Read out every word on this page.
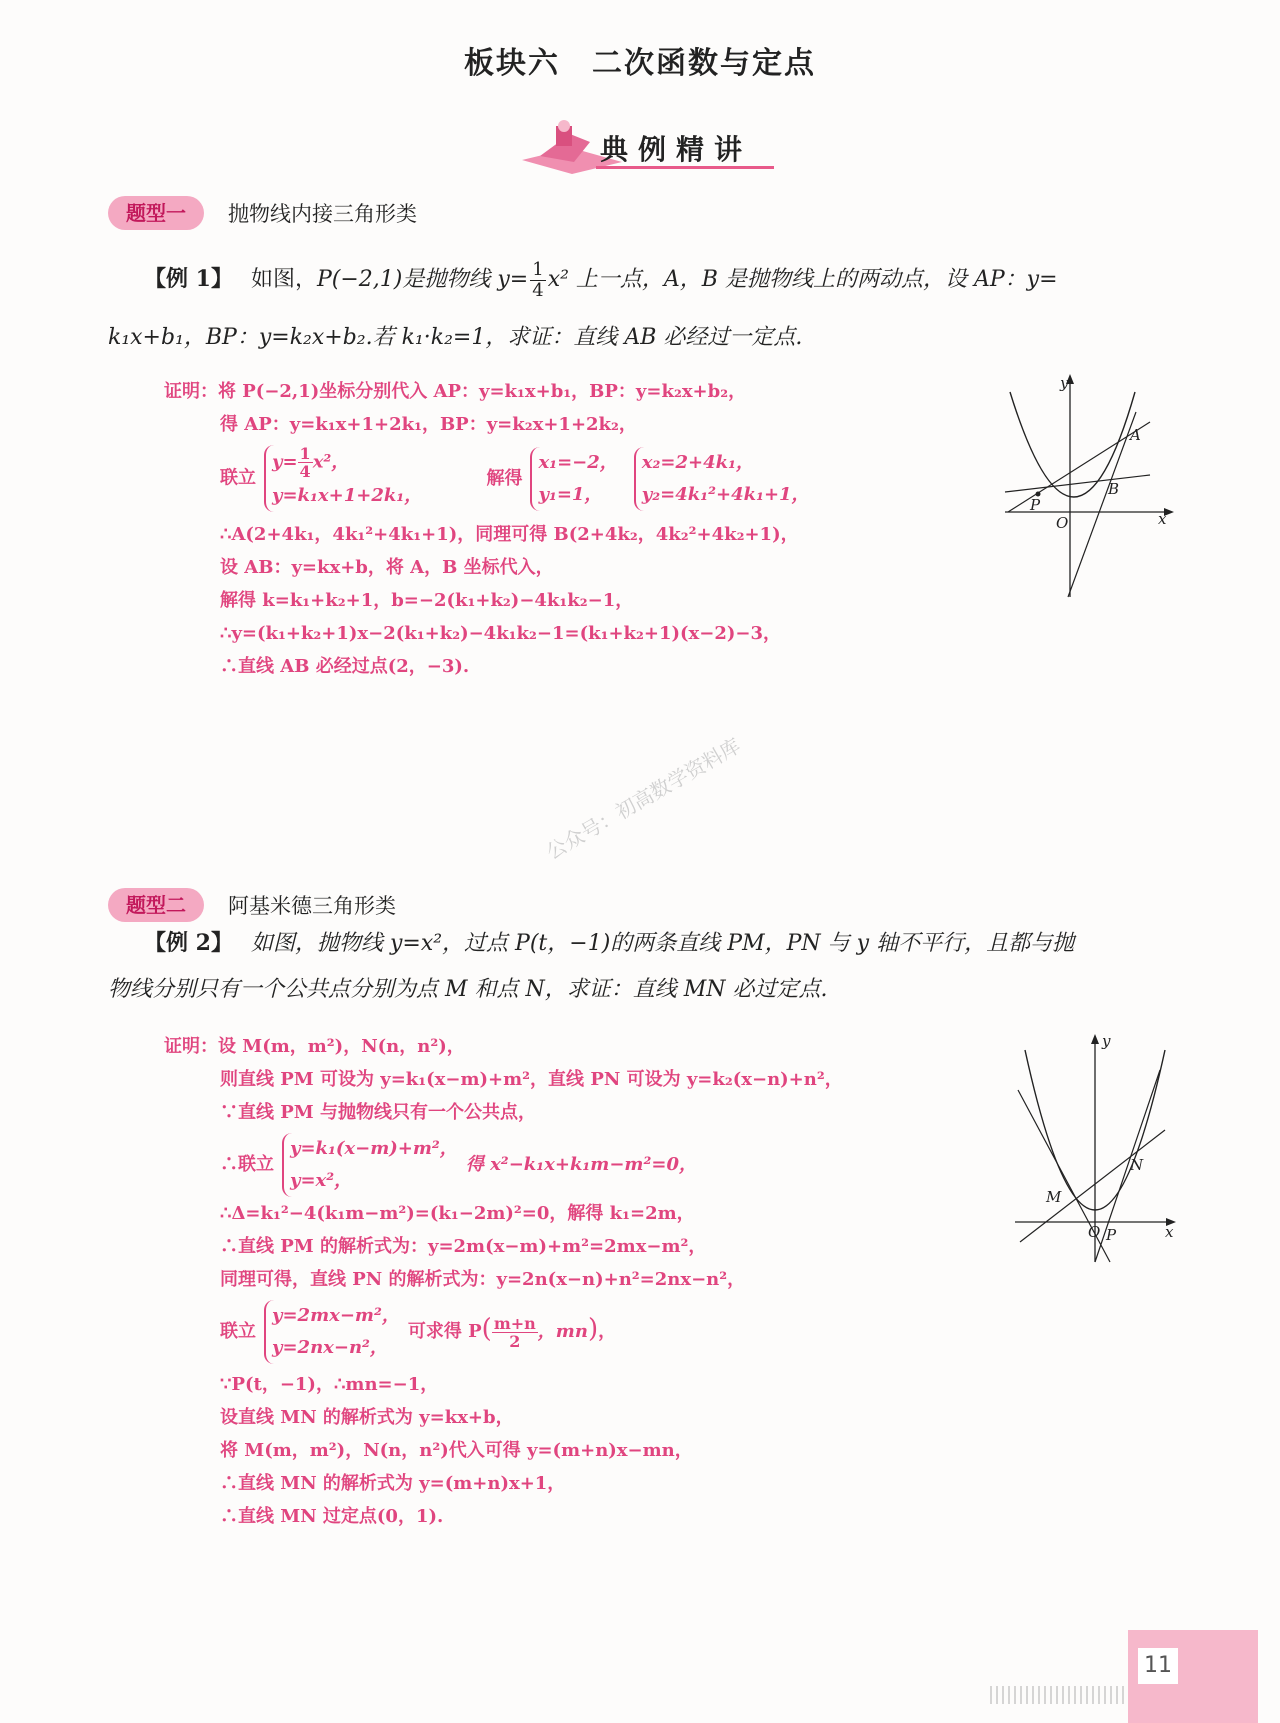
板块六 二次函数与定点
典例精讲
题型一	抛物线内接三角形类
【例 1】 如图，P(−2,1)是抛物线 $y= \frac{1}{4} x^2$ 上一点，A，B 是抛物线上的两动点，设 AP：y=
k₁x+b₁，BP：y=k₂x+b₂.若 k₁·k₂=1，求证：直线 AB 必经过一定点.
证明：将 P(−2,1)坐标分别代入 AP：y=k₁x+b₁，BP：y=k₂x+b₂，
得 AP：y=k₁x+1+2k₁，BP：y=k₂x+1+2k₂，
联立
$y= \frac{1}{4} x^2$，
y=k₁x+1+2k₁，
解得
x₁=−2，
y₁=1，
x₂=2+4k₁，
y₂=4k₁²+4k₁+1，
∴A(2+4k₁，4k₁²+4k₁+1)，同理可得 B(2+4k₂，4k₂²+4k₂+1)，
设 AB：y=kx+b，将 A，B 坐标代入，
解得 k=k₁+k₂+1，b=−2(k₁+k₂)−4k₁k₂−1，
∴y=(k₁+k₂+1)x−2(k₁+k₂)−4k₁k₂−1=(k₁+k₂+1)(x−2)−3，
∴直线 AB 必经过点(2，−3).
y
x
O
A
B
P
公众号：初高数学资料库
题型二	阿基米德三角形类
【例 2】 如图，抛物线 y=x²，过点 P(t，−1)的两条直线 PM，PN 与 y 轴不平行，且都与抛
物线分别只有一个公共点分别为点 M 和点 N，求证：直线 MN 必过定点.
证明：设 M(m，m²)，N(n，n²)，
则直线 PM 可设为 y=k₁(x−m)+m²，直线 PN 可设为 y=k₂(x−n)+n²，
∵直线 PM 与抛物线只有一个公共点，
∴联立
y=k₁(x−m)+m²，
y=x²，
得 x²−k₁x+k₁m−m²=0，
∴Δ=k₁²−4(k₁m−m²)=(k₁−2m)²=0，解得 k₁=2m，
∴直线 PM 的解析式为：y=2m(x−m)+m²=2mx−m²，
同理可得，直线 PN 的解析式为：y=2n(x−n)+n²=2nx−n²，
联立
y=2mx−m²，
y=2nx−n²，
可求得 $P( \frac{m+n}{2}$ ，mn)，
∵P(t，−1)，∴mn=−1，
设直线 MN 的解析式为 y=kx+b，
将 M(m，m²)，N(n，n²)代入可得 y=(m+n)x−mn，
∴直线 MN 的解析式为 y=(m+n)x+1，
∴直线 MN 过定点(0，1).
y
x
O
M
N
P
11
